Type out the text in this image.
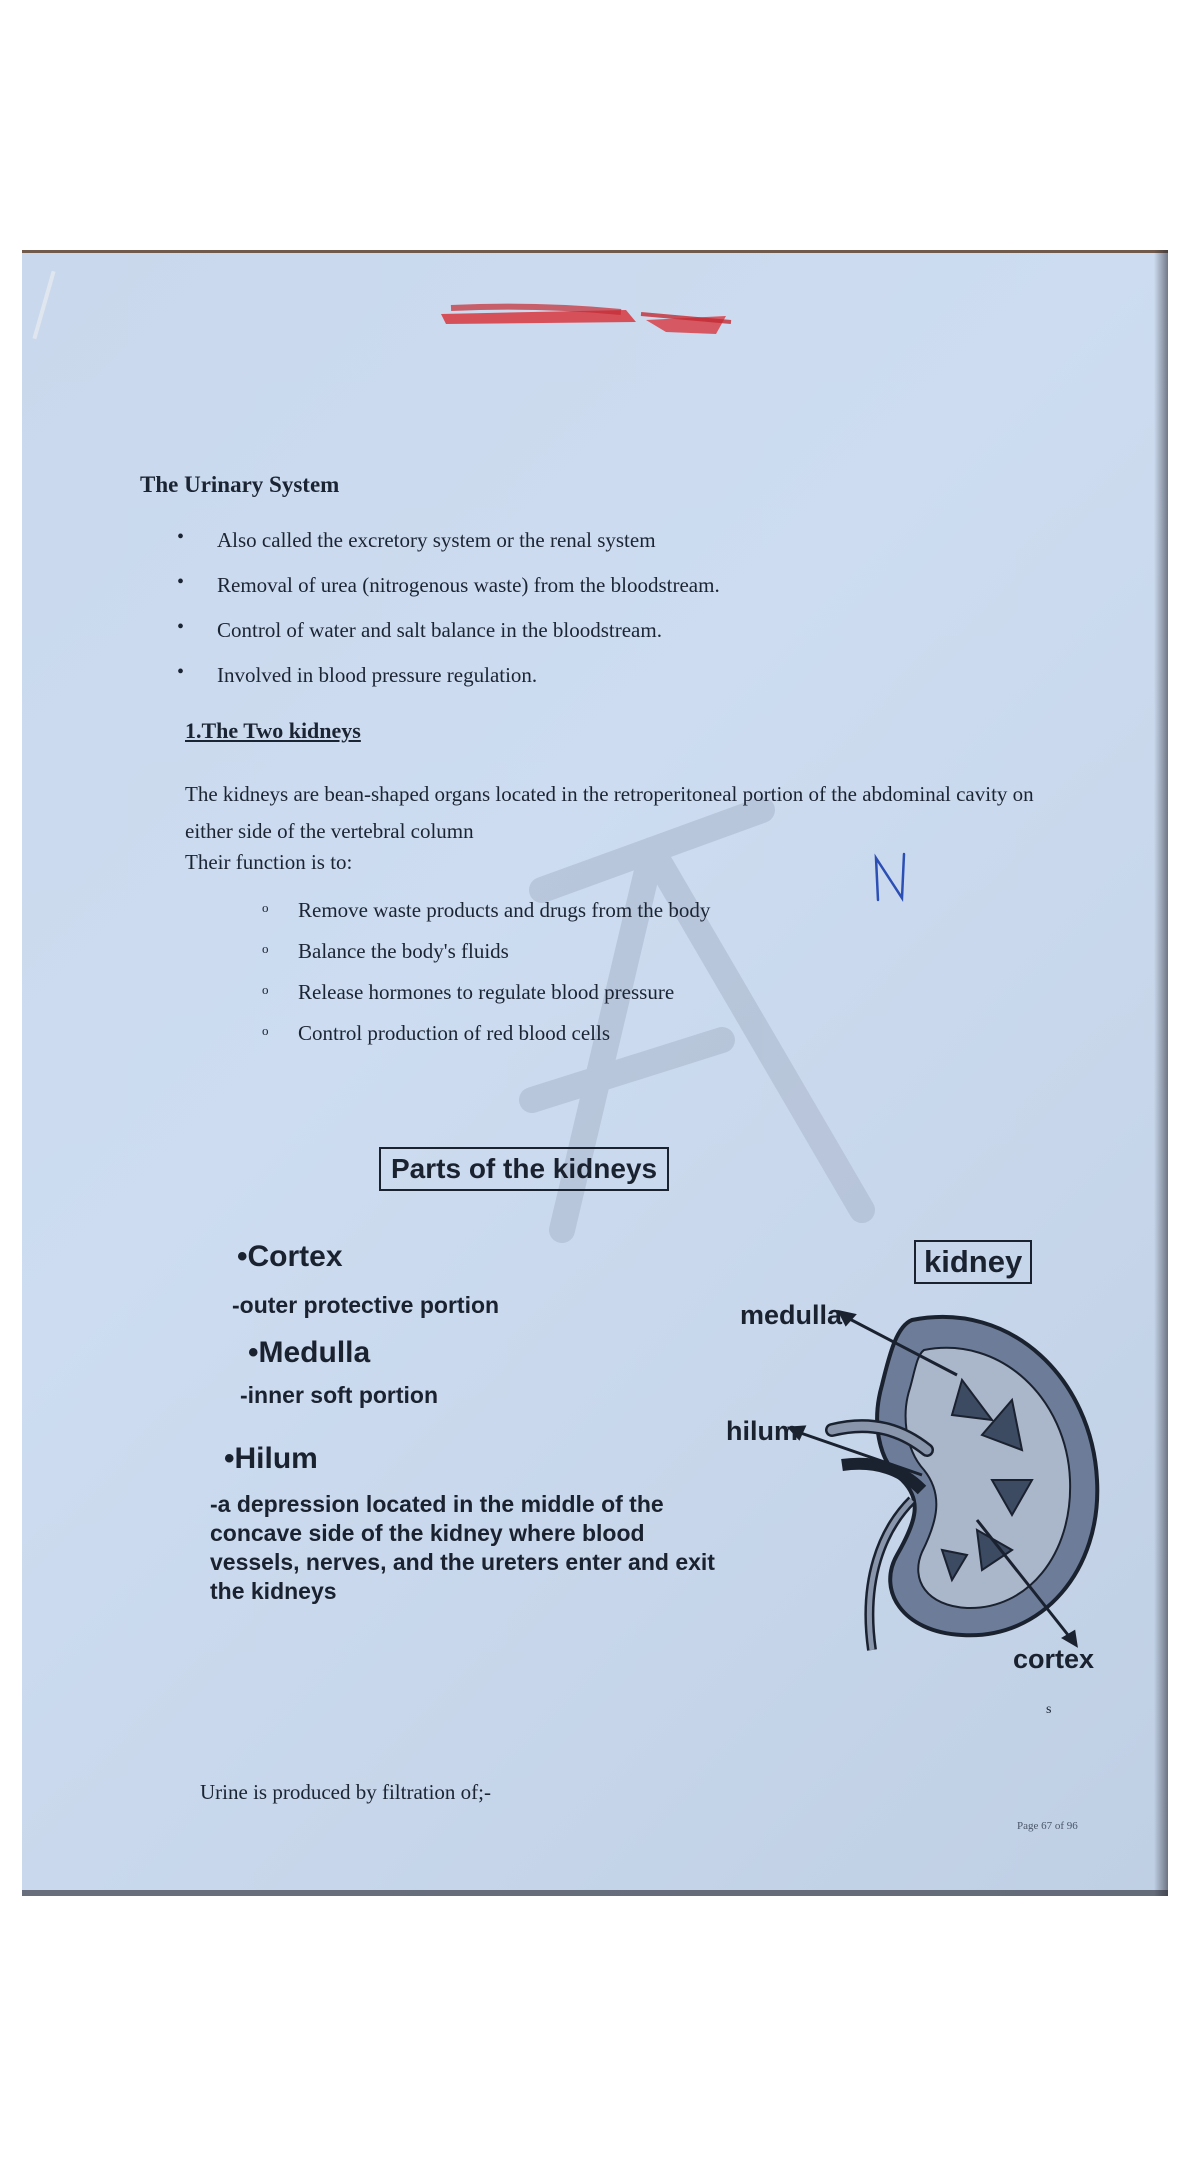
The Urinary System
• Also called the excretory system or the renal system
• Removal of urea (nitrogenous waste) from the bloodstream.
• Control of water and salt balance in the bloodstream.
• Involved in blood pressure regulation.
1.The Two kidneys
The kidneys are bean-shaped organs located in the retroperitoneal portion of the abdominal cavity on either side of the vertebral column
Their function is to:
o Remove waste products and drugs from the body
o Balance the body's fluids
o Release hormones to regulate blood pressure
o Control production of red blood cells
Parts of the kidneys
•Cortex
-outer protective portion
•Medulla
-inner soft portion
•Hilum
-a depression located in the middle of the concave side of the kidney where blood vessels, nerves, and the ureters enter and exit the kidneys
kidney
medulla
hilum
cortex
s
Urine is produced by filtration of;-
Page 67 of 96
